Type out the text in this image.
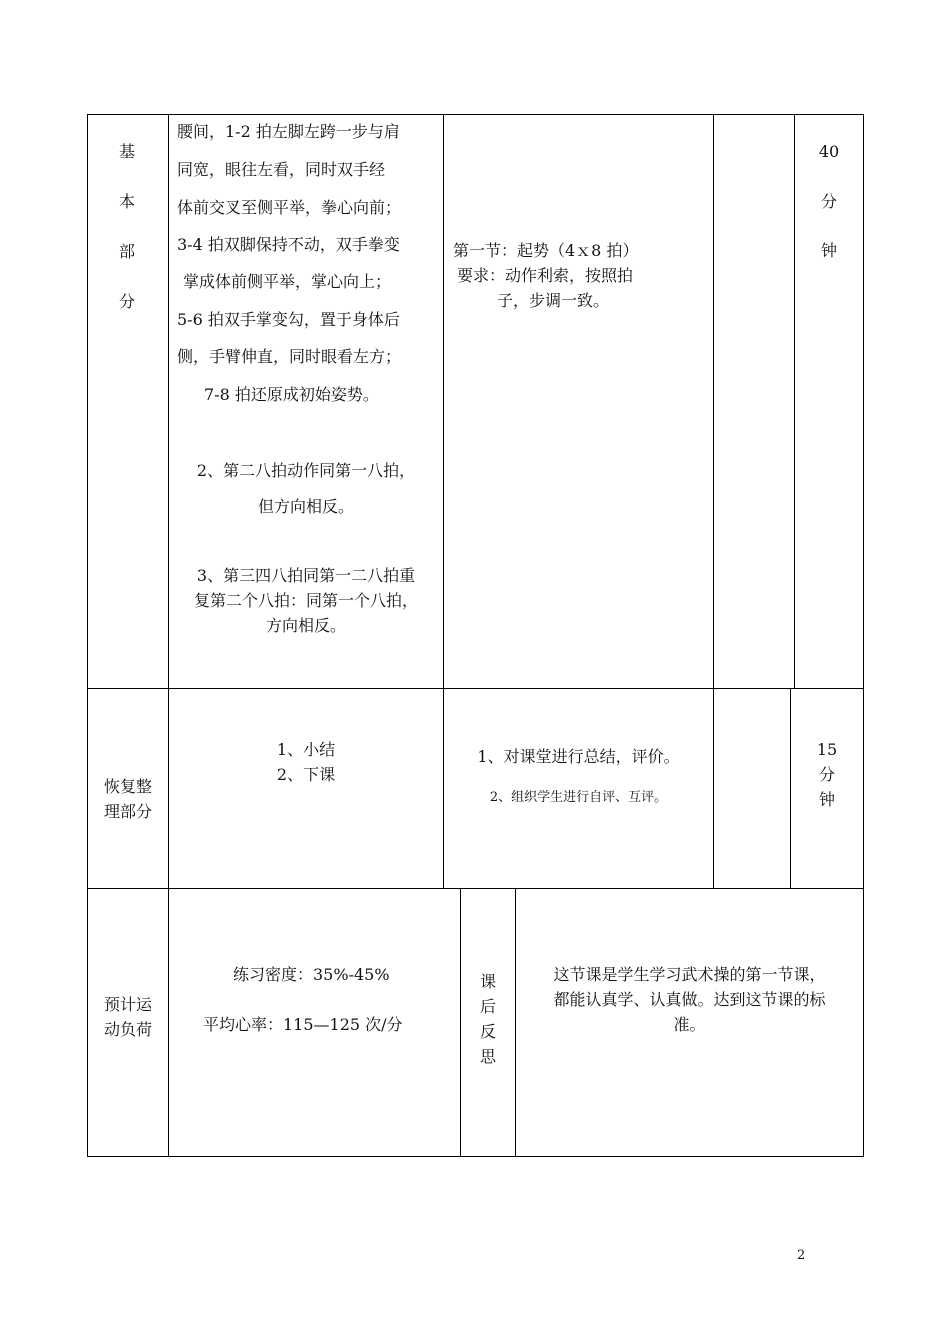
基
本
部
分
腰间，1-2 拍左脚左跨一步与肩
同宽，眼往左看，同时双手经
体前交叉至侧平举，拳心向前；
3-4 拍双脚保持不动，双手拳变
掌成体前侧平举，掌心向上；
5-6 拍双手掌变勾，置于身体后
侧，手臂伸直，同时眼看左方；
7-8 拍还原成初始姿势。
2、第二八拍动作同第一八拍，
但方向相反。
3、第三四八拍同第一二八拍重
复第二个八拍：同第一个八拍，
方向相反。
第一节：起势（4ｘ8 拍）
要求：动作利索，按照拍
子，步调一致。
40
分
钟
恢复整
理部分
1、小结
2、下课
1、对课堂进行总结，评价。
2、组织学生进行自评、互评。
15
分
钟
预计运
动负荷
练习密度：35%-45%
平均心率：115—125 次/分
课
后
反
思
这节课是学生学习武术操的第一节课，
都能认真学、认真做。达到这节课的标
准。
2
